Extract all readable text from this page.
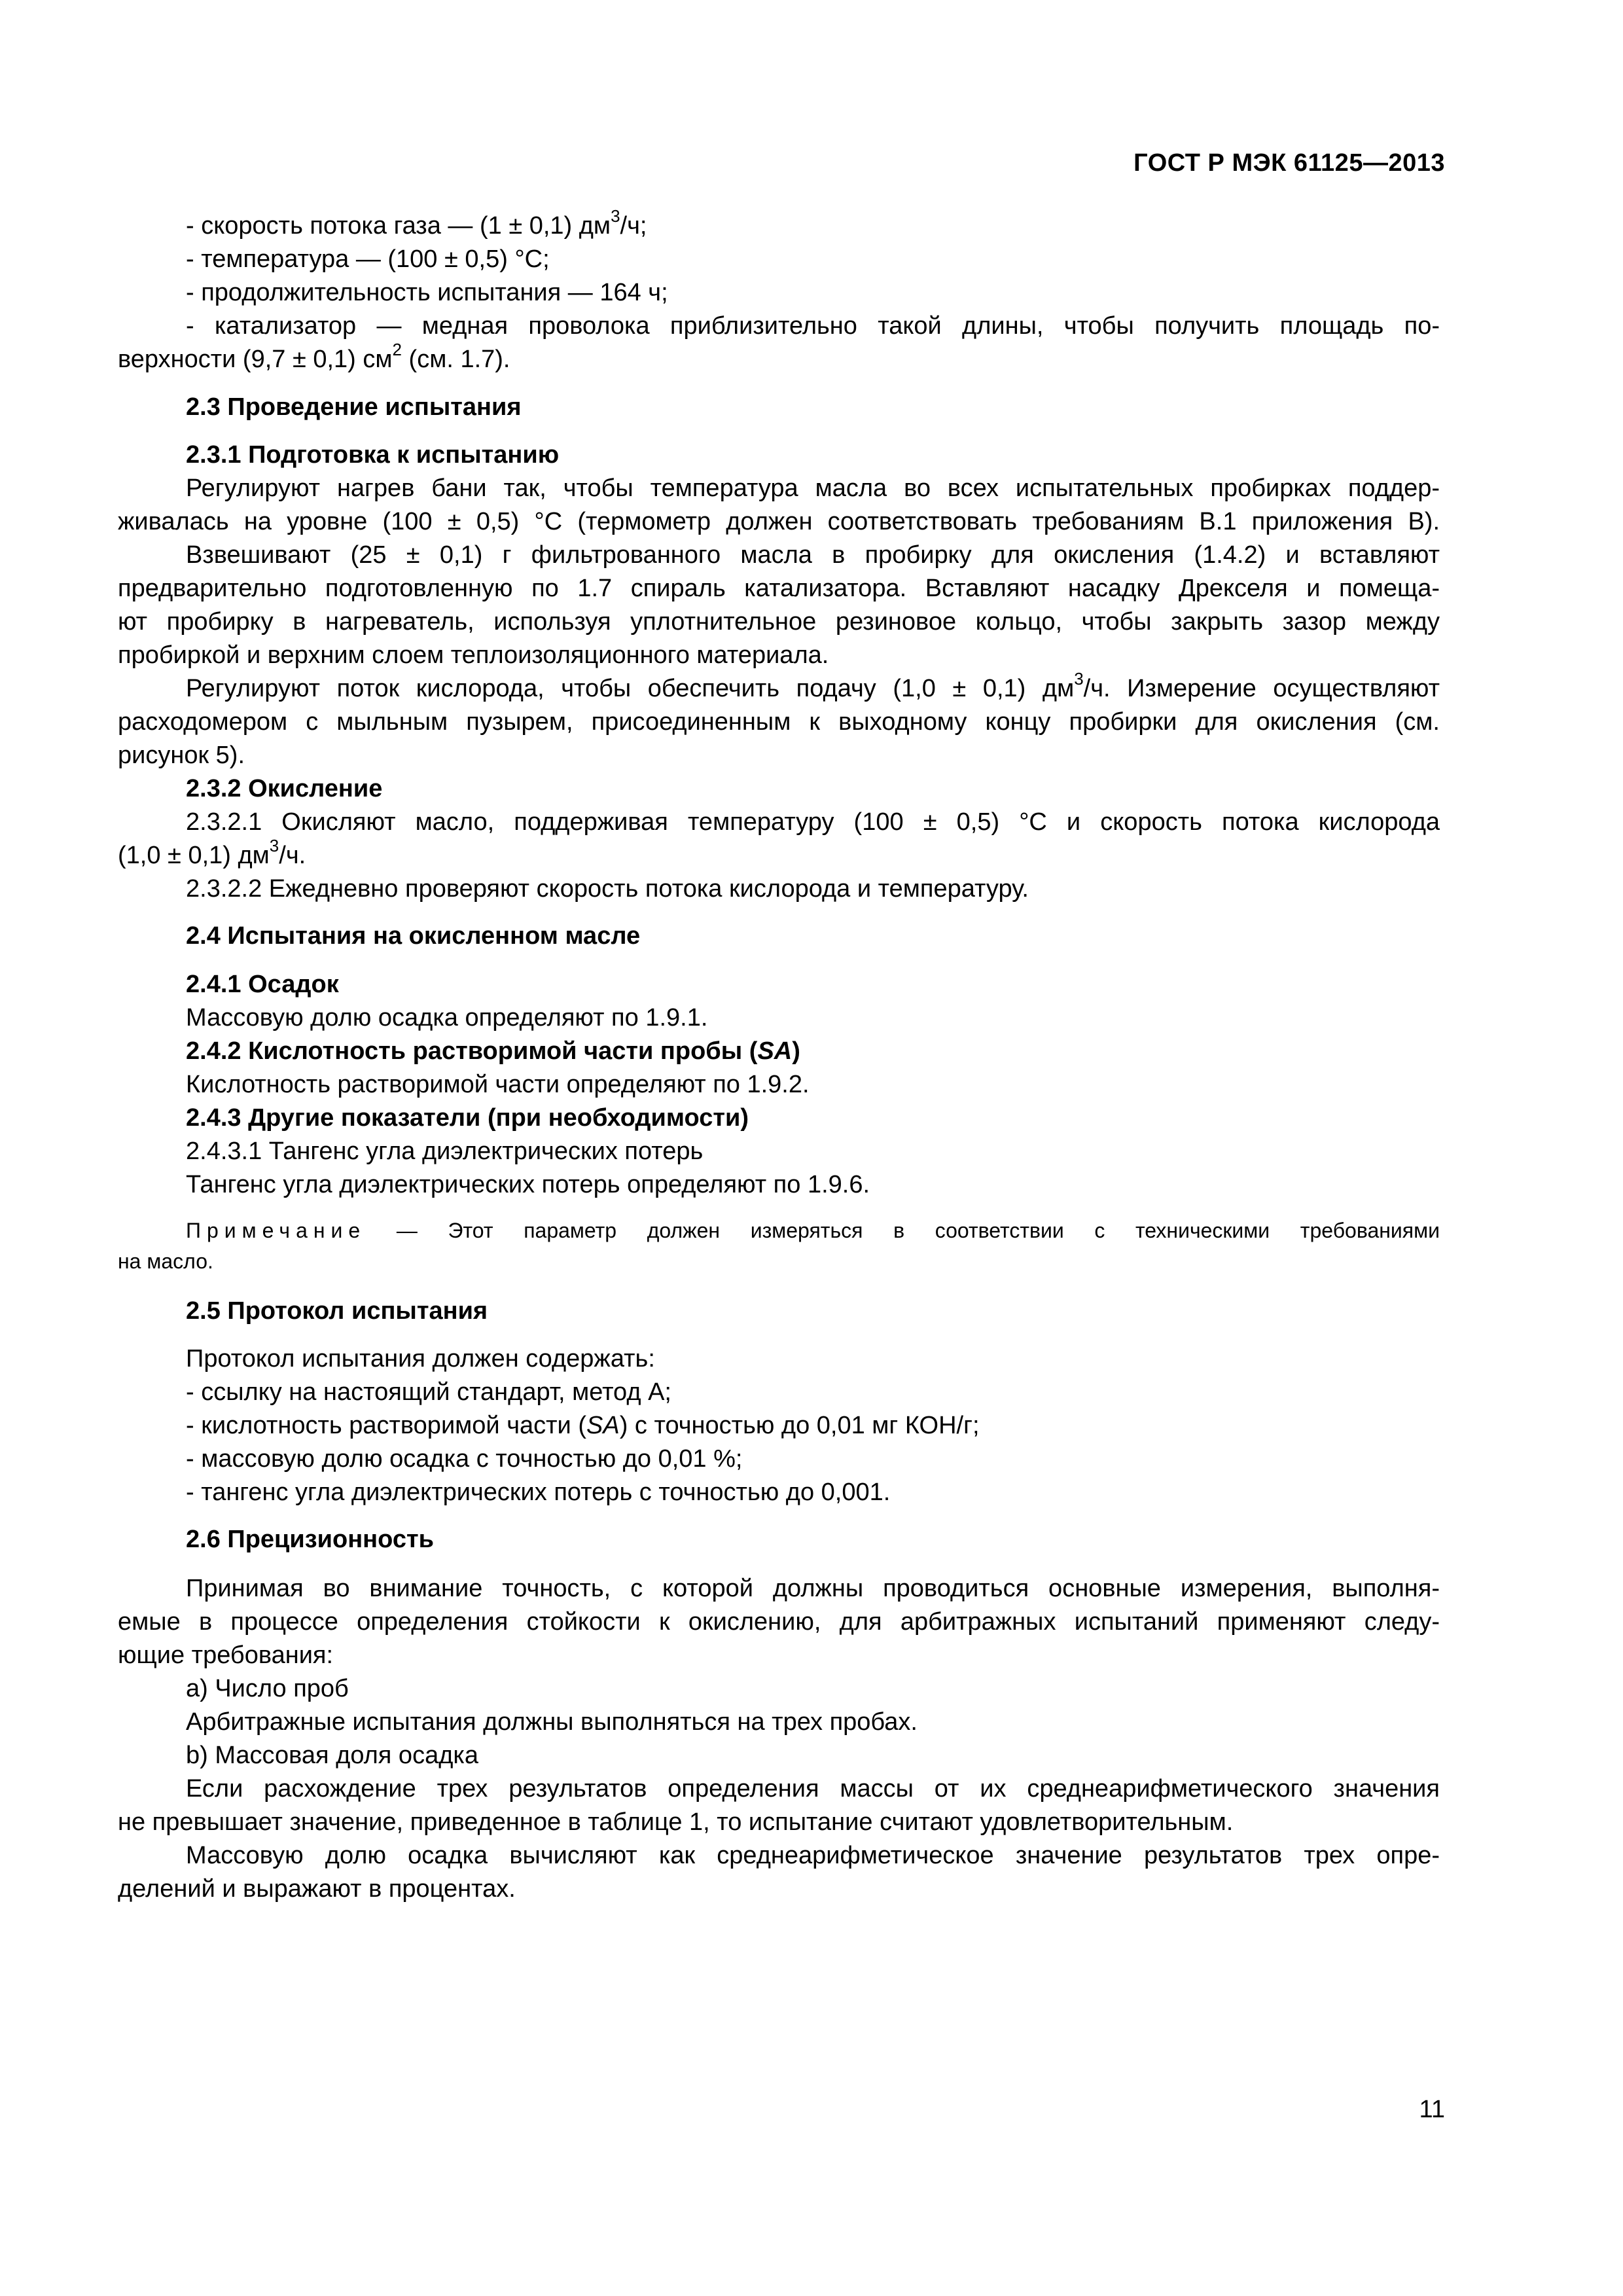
ГОСТ Р МЭК 61125—2013
- скорость потока газа — (1 ± 0,1) $дм^3/ч$;
- температура — (100 ± 0,5) °С;
- продолжительность испытания — 164 ч;
- катализатор — медная проволока приблизительно такой длины, чтобы получить площадь по-
верхности (9,7 ± 0,1) $см^2$ (см. 1.7).
2.3 Проведение испытания
2.3.1 Подготовка к испытанию
Регулируют нагрев бани так, чтобы температура масла во всех испытательных пробирках поддер-
живалась на уровне (100 ± 0,5) °С (термометр должен соответствовать требованиям В.1 приложения В).
Взвешивают (25 ± 0,1) г фильтрованного масла в пробирку для окисления (1.4.2) и вставляют
предварительно подготовленную по 1.7 спираль катализатора. Вставляют насадку Дрекселя и помеща-
ют пробирку в нагреватель, используя уплотнительное резиновое кольцо, чтобы закрыть зазор между
пробиркой и верхним слоем теплоизоляционного материала.
Регулируют поток кислорода, чтобы обеспечить подачу (1,0 ± 0,1) $дм^3/ч$. Измерение осуществляют
расходомером с мыльным пузырем, присоединенным к выходному концу пробирки для окисления (см.
рисунок 5).
2.3.2 Окисление
2.3.2.1 Окисляют масло, поддерживая температуру (100 ± 0,5) °С и скорость потока кислорода
(1,0 ± 0,1) $дм^3/ч$.
2.3.2.2 Ежедневно проверяют скорость потока кислорода и температуру.
2.4 Испытания на окисленном масле
2.4.1 Осадок
Массовую долю осадка определяют по 1.9.1.
2.4.2 Кислотность растворимой части пробы (SA)
Кислотность растворимой части определяют по 1.9.2.
2.4.3 Другие показатели (при необходимости)
2.4.3.1 Тангенс угла диэлектрических потерь
Тангенс угла диэлектрических потерь определяют по 1.9.6.
Примечание — Этот параметр должен измеряться в соответствии с техническими требованиями
на масло.
2.5 Протокол испытания
Протокол испытания должен содержать:
- ссылку на настоящий стандарт, метод А;
- кислотность растворимой части (SA) с точностью до 0,01 мг КОН/г;
- массовую долю осадка с точностью до 0,01 %;
- тангенс угла диэлектрических потерь с точностью до 0,001.
2.6 Прецизионность
Принимая во внимание точность, с которой должны проводиться основные измерения, выполня-
емые в процессе определения стойкости к окислению, для арбитражных испытаний применяют следу-
ющие требования:
a) Число проб
Арбитражные испытания должны выполняться на трех пробах.
b) Массовая доля осадка
Если расхождение трех результатов определения массы от их среднеарифметического значения
не превышает значение, приведенное в таблице 1, то испытание считают удовлетворительным.
Массовую долю осадка вычисляют как среднеарифметическое значение результатов трех опре-
делений и выражают в процентах.
11
